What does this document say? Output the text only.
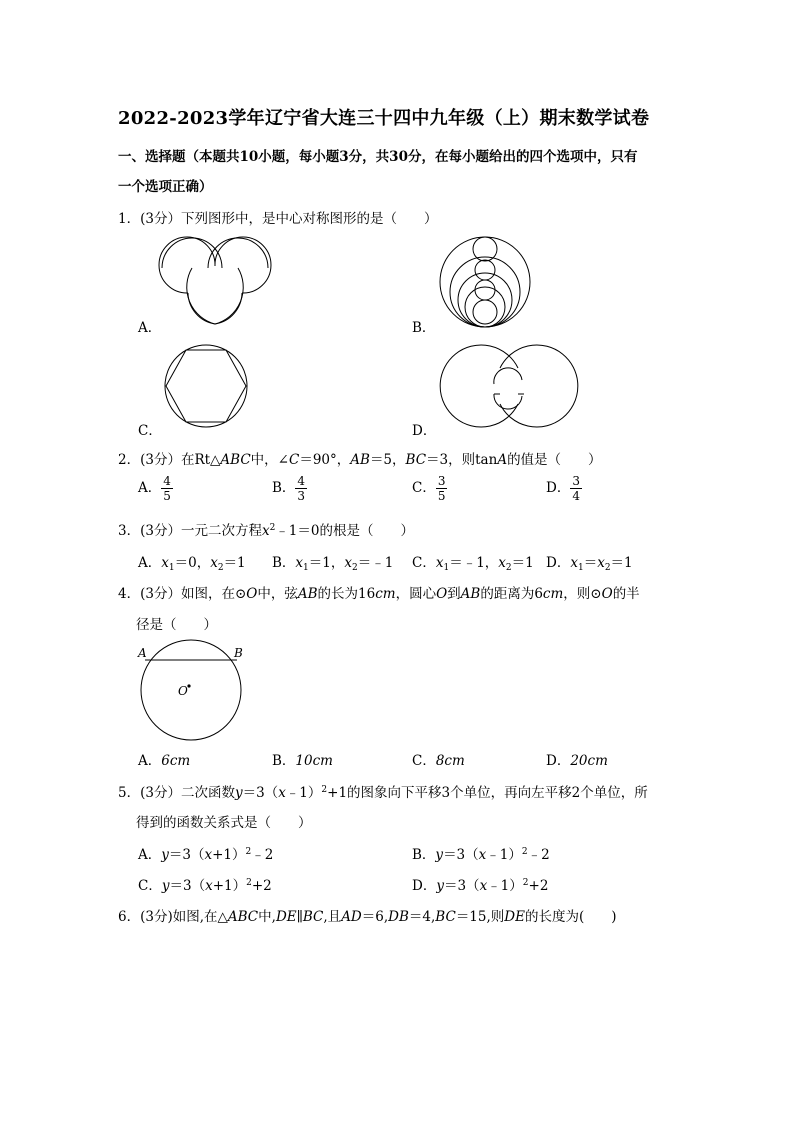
2022-2023学年辽宁省大连三十四中九年级（上）期末数学试卷
一、选择题（本题共10小题，每小题3分，共30分，在每小题给出的四个选项中，只有
一个选项正确）
1．(3分）下列图形中，是中心对称图形的是（　　）
A．	B．
C．	D．
2．(3分）在Rt△ABC中，∠C＝90°，AB＝5，BC＝3，则tanA的值是（　　）
A． $\frac{4}{5}$	B． $\frac{4}{3}$	C． $\frac{3}{5}$	D． $\frac{3}{4}$
3．(3分）一元二次方程$x^2﹣1=0$的根是（　　）
A．$x_1=0$，$x_2=1$ B．$x_1=1$，$x_2=﹣1$ C．$x_1=﹣1$，$x_2=1$ D．$x_1=x_2=1$
4．(3分）如图，在⊙O中，弦AB的长为16cm，圆心O到AB的距离为6cm，则⊙O的半
径是（　　）
A	B
O
A．6cm	B．10cm	C．8cm	D．20cm
5．(3分）二次函数y＝3（x﹣1）$^2$+1的图象向下平移3个单位，再向左平移2个单位，所
得到的函数关系式是（　　）
A．$y=3(x+1)^2﹣2$	B．y＝3（x﹣1）$^2$﹣2
C．$y=3(x+1)^2+2$	D．y＝3（x﹣1）$^2$+2
6．(3分)如图,在△ABC中,DE∥BC,且AD＝6,DB＝4,BC＝15,则DE的长度为(　　)
